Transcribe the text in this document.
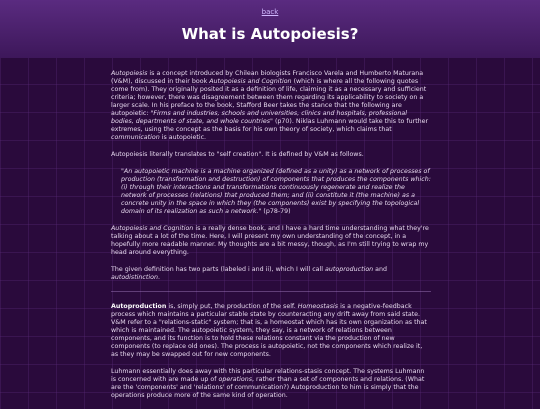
back
What is Autopoiesis?

Autopoiesis is a concept introduced by Chilean biologists Francisco Varela and Humberto Maturana (V&M), discussed in their book Autopoiesis and Cognition (which is where all the following quotes come from). They originally posited it as a definition of life, claiming it as a necessary and sufficient criteria; however, there was disagreement between them regarding its applicability to society on a larger scale. In his preface to the book, Stafford Beer takes the stance that the following are autopoietic: "Firms and industries, schools and universities, clinics and hospitals, professional bodies, departments of state, and whole countries" (p70). Niklas Luhmann would take this to further extremes, using the concept as the basis for his own theory of society, which claims that communication is autopoietic.

Autopoiesis literally translates to "self creation". It is defined by V&M as follows.

"An autopoietic machine is a machine organized (defined as a unity) as a network of processes of production (transformation and destruction) of components that produces the components which: (i) through their interactions and transformations continuously regenerate and realize the network of processes (relations) that produced them; and (ii) constitute it (the machine) as a concrete unity in the space in which they (the components) exist by specifying the topological domain of its realization as such a network." (p78-79)

Autopoiesis and Cognition is a really dense book, and I have a hard time understanding what they're talking about a lot of the time. Here, I will present my own understanding of the concept, in a hopefully more readable manner. My thoughts are a bit messy, though, as I'm still trying to wrap my head around everything.

The given definition has two parts (labeled i and ii), which I will call autoproduction and autodistinction.

Autoproduction is, simply put, the production of the self. Homeostasis is a negative-feedback process which maintains a particular stable state by counteracting any drift away from said state. V&M refer to a "relations-static" system; that is, a homeostat which has its own organization as that which is maintained. The autopoietic system, they say, is a network of relations between components, and its function is to hold these relations constant via the production of new components (to replace old ones). The process is autopoietic, not the components which realize it, as they may be swapped out for new components.

Luhmann essentially does away with this particular relations-stasis concept. The systems Luhmann is concerned with are made up of operations, rather than a set of components and relations. (What are the 'components' and 'relations' of communication?) Autoproduction to him is simply that the operations produce more of the same kind of operation.
